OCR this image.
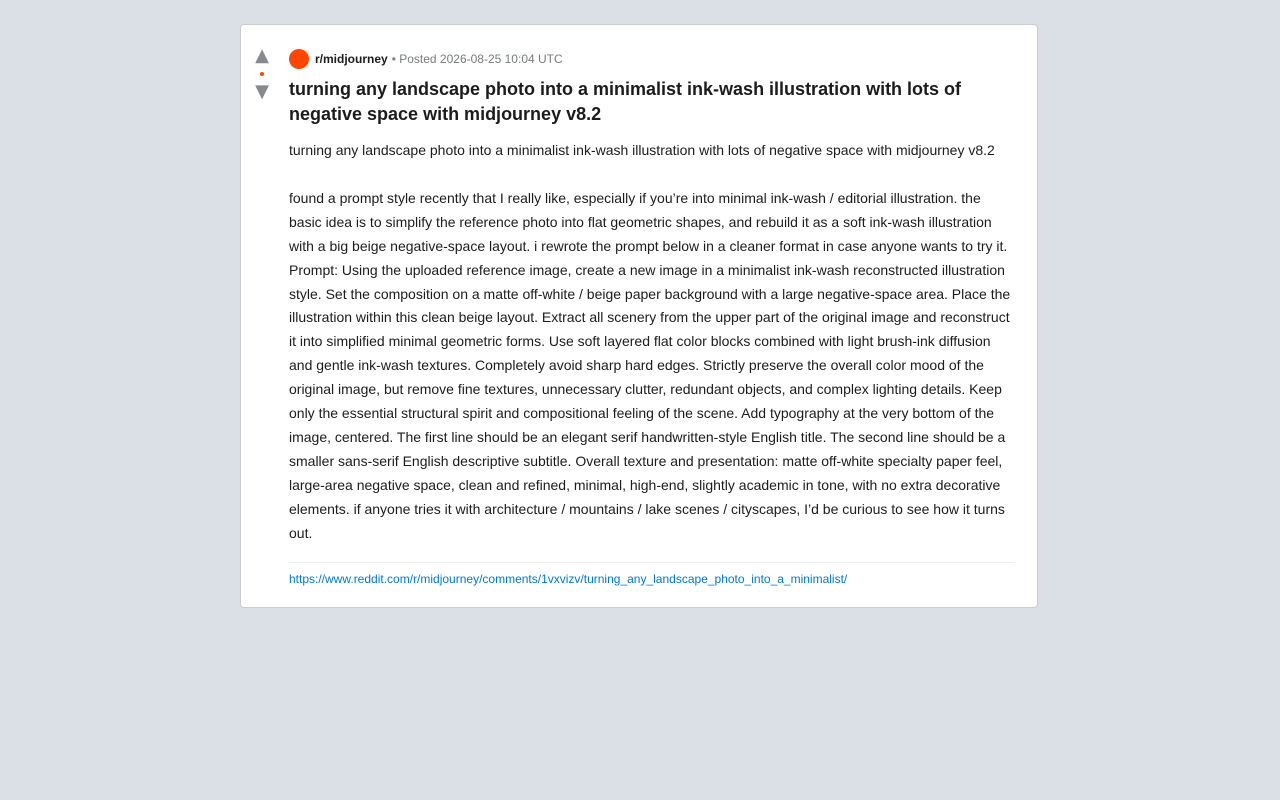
▲
▼
r/midjourney • Posted 2026-08-25 10:04 UTC
turning any landscape photo into a minimalist ink-wash illustration with lots of negative space with midjourney v8.2

turning any landscape photo into a minimalist ink-wash illustration with lots of negative space with midjourney v8.2

found a prompt style recently that I really like, especially if you’re into minimal ink-wash / editorial illustration. the basic idea is to simplify the reference photo into flat geometric shapes, and rebuild it as a soft ink-wash illustration with a big beige negative-space layout. i rewrote the prompt below in a cleaner format in case anyone wants to try it. Prompt: Using the uploaded reference image, create a new image in a minimalist ink-wash reconstructed illustration style. Set the composition on a matte off-white / beige paper background with a large negative-space area. Place the illustration within this clean beige layout. Extract all scenery from the upper part of the original image and reconstruct it into simplified minimal geometric forms. Use soft layered flat color blocks combined with light brush-ink diffusion and gentle ink-wash textures. Completely avoid sharp hard edges. Strictly preserve the overall color mood of the original image, but remove fine textures, unnecessary clutter, redundant objects, and complex lighting details. Keep only the essential structural spirit and compositional feeling of the scene. Add typography at the very bottom of the image, centered. The first line should be an elegant serif handwritten-style English title. The second line should be a smaller sans-serif English descriptive subtitle. Overall texture and presentation: matte off-white specialty paper feel, large-area negative space, clean and refined, minimal, high-end, slightly academic in tone, with no extra decorative elements. if anyone tries it with architecture / mountains / lake scenes / cityscapes, I’d be curious to see how it turns out.

https://www.reddit.com/r/midjourney/comments/1vxvizv/turning_any_landscape_photo_into_a_minimalist/
